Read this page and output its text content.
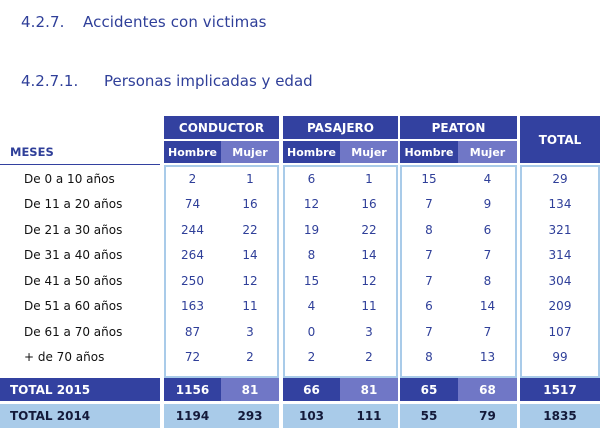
4.2.7. Accidentes con victimas
4.2.7.1. Personas implicadas y edad
MESES
CONDUCTOR	PASAJERO	PEATON
Hombre	Mujer	Hombre	Mujer	Hombre	Mujer
TOTAL
De 0 a 10 años	2	1	6	1	15	4	29
De 11 a 20 años	74	16	12	16	7	9	134
De 21 a 30 años	244	22	19	22	8	6	321
De 31 a 40 años	264	14	8	14	7	7	314
De 41 a 50 años	250	12	15	12	7	8	304
De 51 a 60 años	163	11	4	11	6	14	209
De 61 a 70 años	87	3	0	3	7	7	107
+ de 70 años	72	2	2	2	8	13	99
TOTAL 2015	1156	81	66	81	65	68	1517
TOTAL 2014	1194	293	103	111	55	79	1835
